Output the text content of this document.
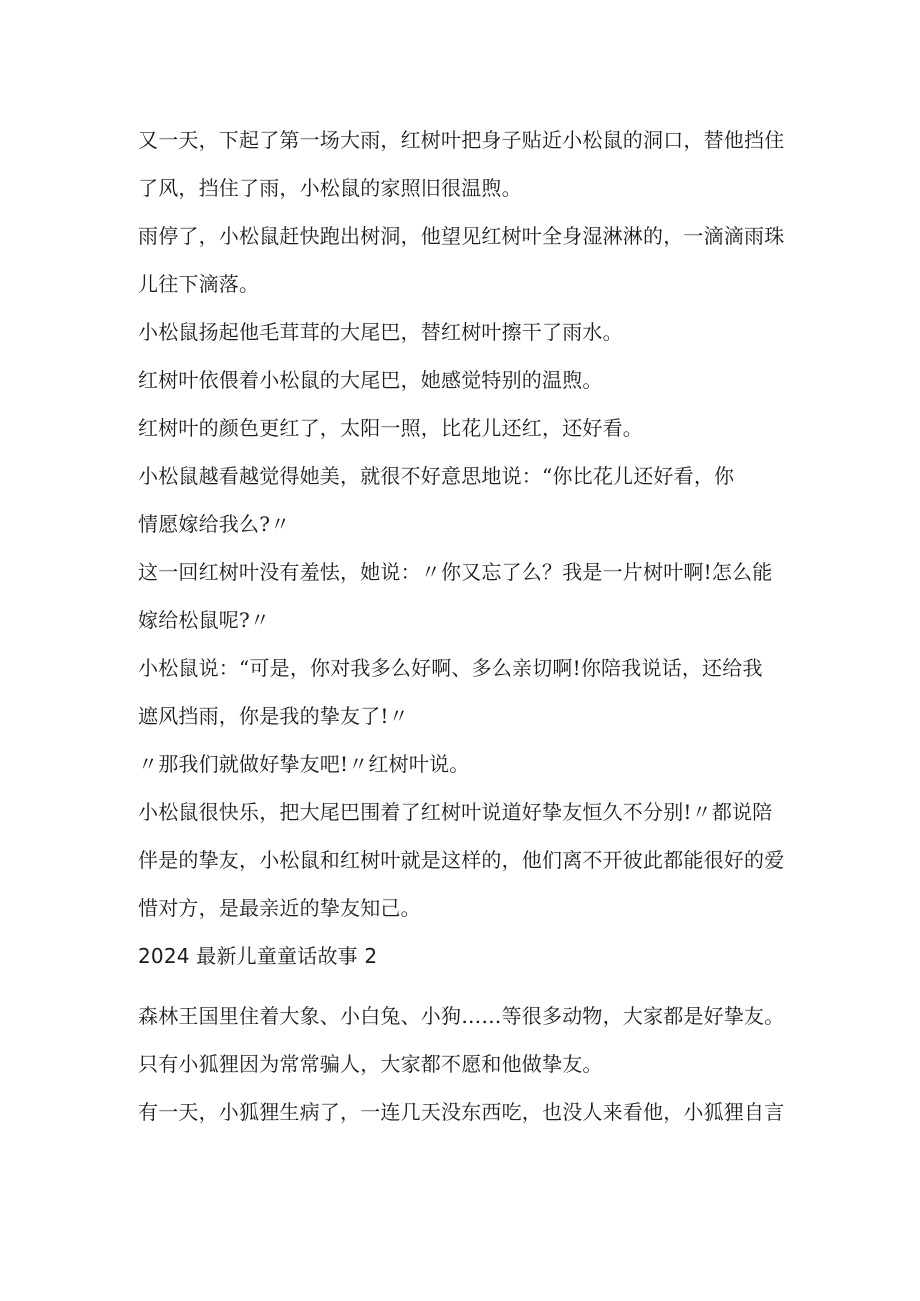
又一天，下起了第一场大雨，红树叶把身子贴近小松鼠的洞口，替他挡住了风，挡住了雨，小松鼠的家照旧很温煦。

雨停了，小松鼠赶快跑出树洞，他望见红树叶全身湿淋淋的，一滴滴雨珠儿往下滴落。

小松鼠扬起他毛茸茸的大尾巴，替红树叶擦干了雨水。

红树叶依偎着小松鼠的大尾巴，她感觉特别的温煦。

红树叶的颜色更红了，太阳一照，比花儿还红，还好看。

小松鼠越看越觉得她美，就很不好意思地说：“你比花儿还好看，你情愿嫁给我么?〃

这一回红树叶没有羞怯，她说：〃你又忘了么？我是一片树叶啊!怎么能嫁给松鼠呢?〃

小松鼠说：“可是，你对我多么好啊、多么亲切啊!你陪我说话，还给我遮风挡雨，你是我的挚友了!〃

〃那我们就做好挚友吧!〃红树叶说。

小松鼠很快乐，把大尾巴围着了红树叶说道好挚友恒久不分别!〃都说陪伴是的挚友，小松鼠和红树叶就是这样的，他们离不开彼此都能很好的爱惜对方，是最亲近的挚友知己。

2024 最新儿童童话故事 2

森林王国里住着大象、小白兔、小狗……等很多动物，大家都是好挚友。只有小狐狸因为常常骗人，大家都不愿和他做挚友。

有一天，小狐狸生病了，一连几天没东西吃，也没人来看他，小狐狸自言
